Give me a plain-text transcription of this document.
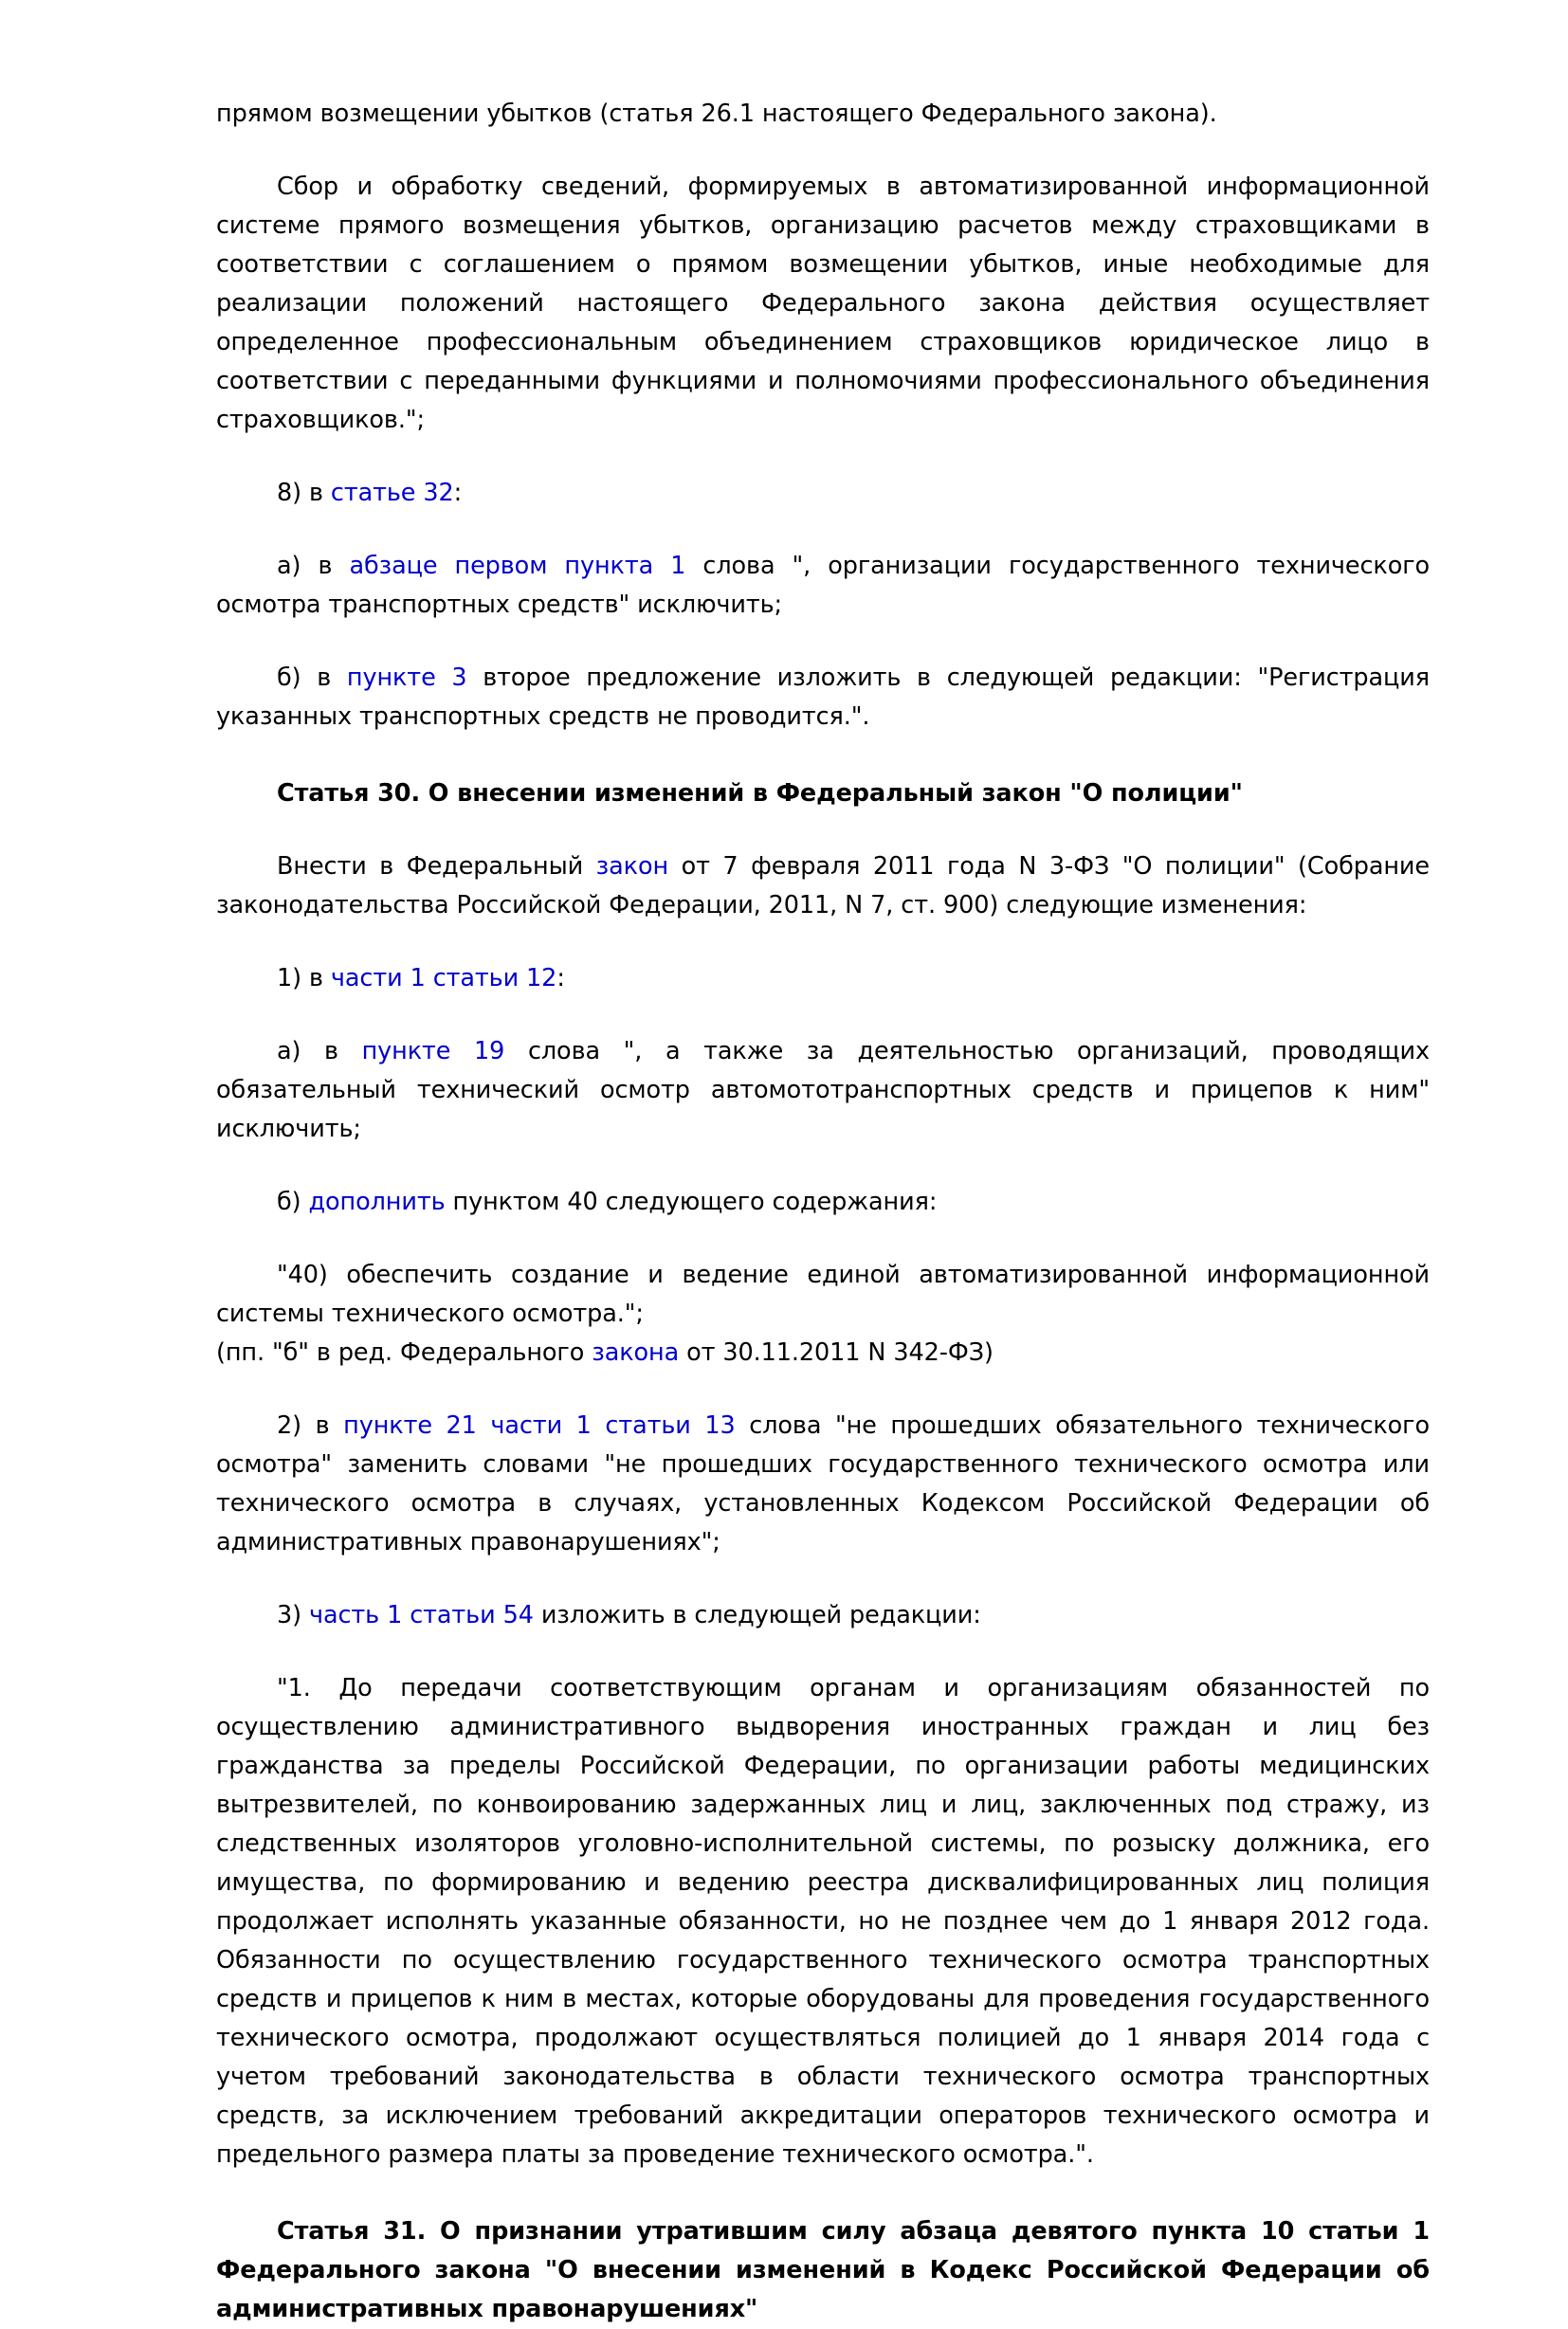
прямом возмещении убытков (статья 26.1 настоящего Федерального закона).

Сбор и обработку сведений, формируемых в автоматизированной информационной системе прямого возмещения убытков, организацию расчетов между страховщиками в соответствии с соглашением о прямом возмещении убытков, иные необходимые для реализации положений настоящего Федерального закона действия осуществляет определенное профессиональным объединением страховщиков юридическое лицо в соответствии с переданными функциями и полномочиями профессионального объединения страховщиков.";

8) в статье 32:

а) в абзаце первом пункта 1 слова ", организации государственного технического осмотра транспортных средств" исключить;

б) в пункте 3 второе предложение изложить в следующей редакции: "Регистрация указанных транспортных средств не проводится.".

Статья 30. О внесении изменений в Федеральный закон "О полиции"

Внести в Федеральный закон от 7 февраля 2011 года N 3-ФЗ "О полиции" (Собрание законодательства Российской Федерации, 2011, N 7, ст. 900) следующие изменения:

1) в части 1 статьи 12:

а) в пункте 19 слова ", а также за деятельностью организаций, проводящих обязательный технический осмотр автомототранспортных средств и прицепов к ним" исключить;

б) дополнить пунктом 40 следующего содержания:

"40) обеспечить создание и ведение единой автоматизированной информационной системы технического осмотра.";

(пп. "б" в ред. Федерального закона от 30.11.2011 N 342-ФЗ)

2) в пункте 21 части 1 статьи 13 слова "не прошедших обязательного технического осмотра" заменить словами "не прошедших государственного технического осмотра или технического осмотра в случаях, установленных Кодексом Российской Федерации об административных правонарушениях";

3) часть 1 статьи 54 изложить в следующей редакции:

"1. До передачи соответствующим органам и организациям обязанностей по осуществлению административного выдворения иностранных граждан и лиц без гражданства за пределы Российской Федерации, по организации работы медицинских вытрезвителей, по конвоированию задержанных лиц и лиц, заключенных под стражу, из следственных изоляторов уголовно-исполнительной системы, по розыску должника, его имущества, по формированию и ведению реестра дисквалифицированных лиц полиция продолжает исполнять указанные обязанности, но не позднее чем до 1 января 2012 года. Обязанности по осуществлению государственного технического осмотра транспортных средств и прицепов к ним в местах, которые оборудованы для проведения государственного технического осмотра, продолжают осуществляться полицией до 1 января 2014 года с учетом требований законодательства в области технического осмотра транспортных средств, за исключением требований аккредитации операторов технического осмотра и предельного размера платы за проведение технического осмотра.".

Статья 31. О признании утратившим силу абзаца девятого пункта 10 статьи 1 Федерального закона "О внесении изменений в Кодекс Российской Федерации об административных правонарушениях"
